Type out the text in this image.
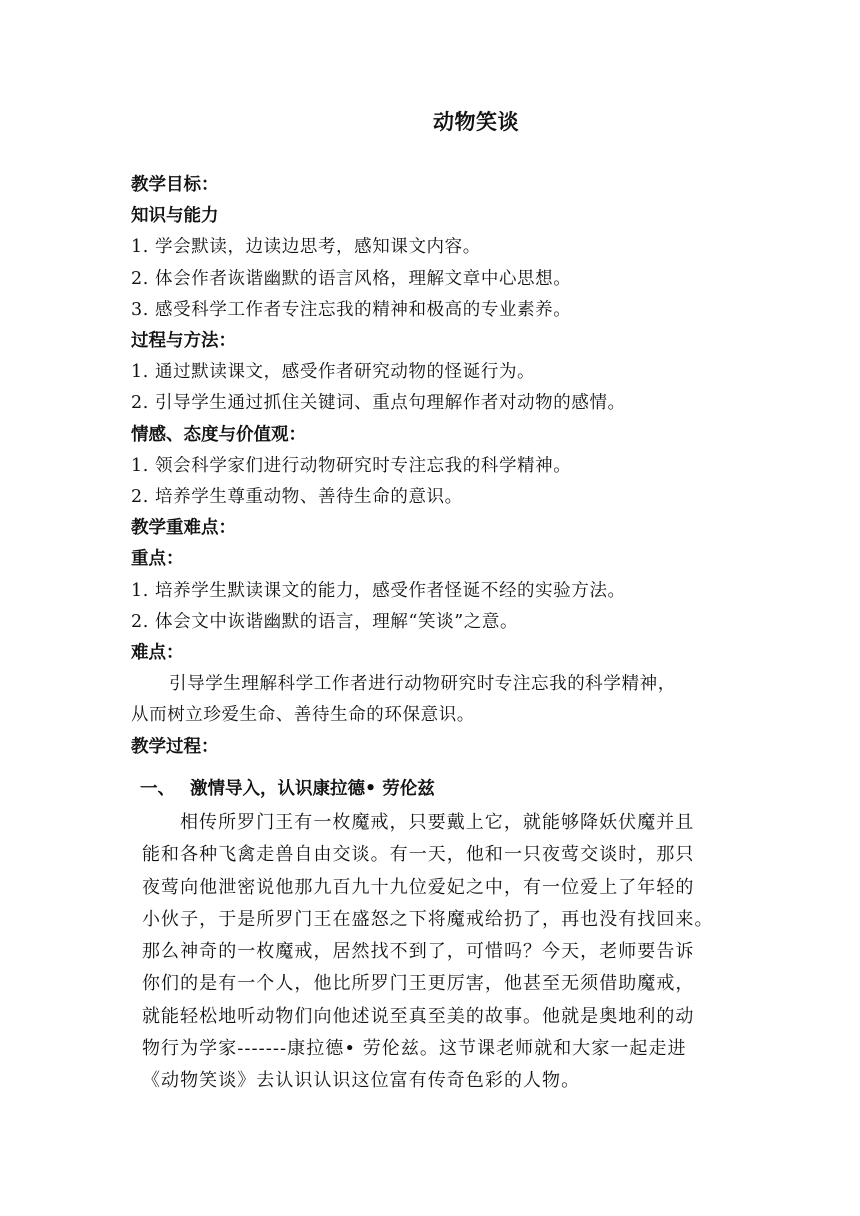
动物笑谈
教学目标：
知识与能力
1. 学会默读，边读边思考，感知课文内容。
2. 体会作者诙谐幽默的语言风格，理解文章中心思想。
3. 感受科学工作者专注忘我的精神和极高的专业素养。
过程与方法：
1. 通过默读课文，感受作者研究动物的怪诞行为。
2. 引导学生通过抓住关键词、重点句理解作者对动物的感情。
情感、态度与价值观：
1. 领会科学家们进行动物研究时专注忘我的科学精神。
2. 培养学生尊重动物、善待生命的意识。
教学重难点：
重点：
1. 培养学生默读课文的能力，感受作者怪诞不经的实验方法。
2. 体会文中诙谐幽默的语言，理解“笑谈”之意。
难点：
引导学生理解科学工作者进行动物研究时专注忘我的科学精神，
从而树立珍爱生命、善待生命的环保意识。
教学过程：
一、 激情导入，认识康拉德• 劳伦兹
相传所罗门王有一枚魔戒，只要戴上它，就能够降妖伏魔并且
能和各种飞禽走兽自由交谈。有一天，他和一只夜莺交谈时，那只
夜莺向他泄密说他那九百九十九位爱妃之中，有一位爱上了年轻的
小伙子，于是所罗门王在盛怒之下将魔戒给扔了，再也没有找回来。
那么神奇的一枚魔戒，居然找不到了，可惜吗？今天，老师要告诉
你们的是有一个人，他比所罗门王更厉害，他甚至无须借助魔戒，
就能轻松地听动物们向他述说至真至美的故事。他就是奥地利的动
物行为学家-------康拉德• 劳伦兹。这节课老师就和大家一起走进
《动物笑谈》去认识认识这位富有传奇色彩的人物。
